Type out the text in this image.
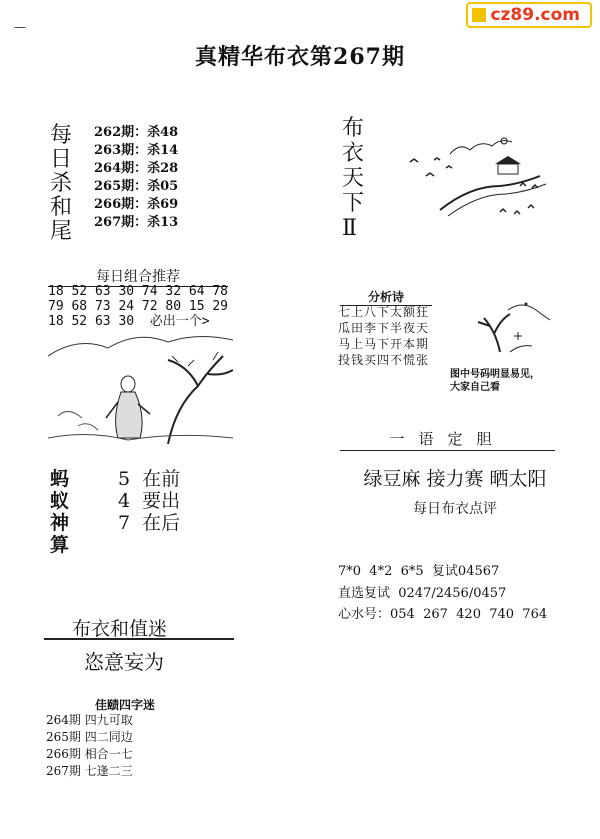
—
cz89.com
真精华布衣第267期
每
日
杀
和
尾
262期：杀48
263期：杀14
264期：杀28
265期：杀05
266期：杀69
267期：杀13
每日组合推荐
18 52 63 30 74 32 64 78
79 68 73 24 72 80 15 29
18 52 63 30  必出一个>
蚂
蚁
神
算
5  在前
4  要出
7  在后
布衣和值迷
恣意妄为
佳赜四字迷
264期 四九可取
265期 四二同边
266期 相合一七
267期 七逢二三
布
衣
天
下
Ⅱ
分析诗
七上八下太额狂
瓜田李下半夜天
马上马下开本期
投钱买四不慌张
图中号码明显易见，
大家自己看
一语定胆
绿豆麻 接力赛 晒太阳
每日布衣点评
7*0  4*2  6*5  复试04567
直选复试  0247/2456/0457
心水号：054  267  420  740  764
